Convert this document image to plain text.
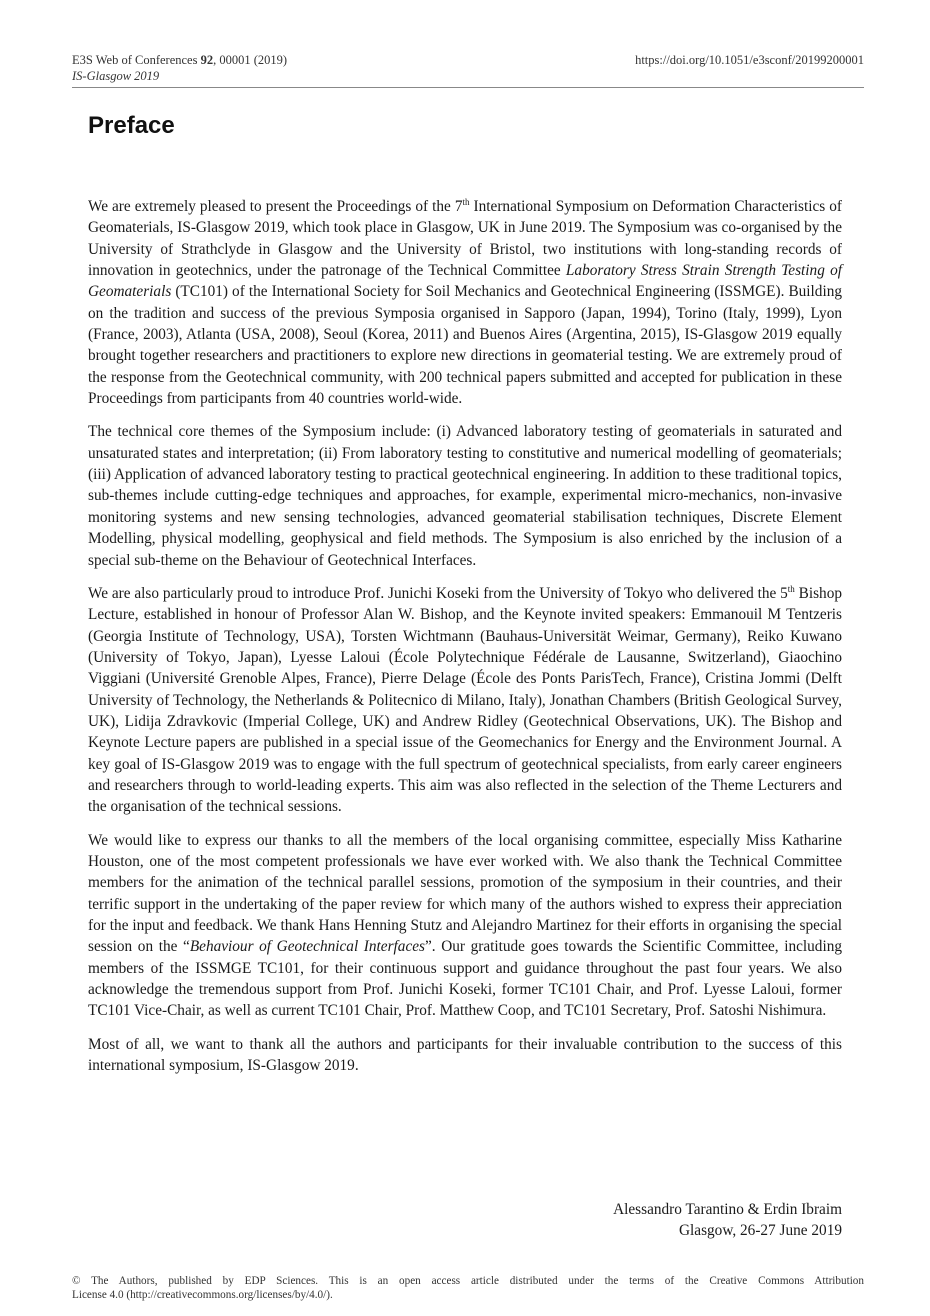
E3S Web of Conferences 92, 00001 (2019)
IS-Glasgow 2019
https://doi.org/10.1051/e3sconf/20199200001
Preface

We are extremely pleased to present the Proceedings of the 7th International Symposium on Deformation Characteristics of Geomaterials, IS-Glasgow 2019, which took place in Glasgow, UK in June 2019. The Symposium was co-organised by the University of Strathclyde in Glasgow and the University of Bristol, two institutions with long-standing records of innovation in geotechnics, under the patronage of the Technical Committee Laboratory Stress Strain Strength Testing of Geomaterials (TC101) of the International Society for Soil Mechanics and Geotechnical Engineering (ISSMGE). Building on the tradition and success of the previous Symposia organised in Sapporo (Japan, 1994), Torino (Italy, 1999), Lyon (France, 2003), Atlanta (USA, 2008), Seoul (Korea, 2011) and Buenos Aires (Argentina, 2015), IS-Glasgow 2019 equally brought together researchers and practitioners to explore new directions in geomaterial testing. We are extremely proud of the response from the Geotechnical community, with 200 technical papers submitted and accepted for publication in these Proceedings from participants from 40 countries world-wide.

The technical core themes of the Symposium include: (i) Advanced laboratory testing of geomaterials in saturated and unsaturated states and interpretation; (ii) From laboratory testing to constitutive and numerical modelling of geomaterials; (iii) Application of advanced laboratory testing to practical geotechnical engineering. In addition to these traditional topics, sub-themes include cutting-edge techniques and approaches, for example, experimental micro-mechanics, non-invasive monitoring systems and new sensing technologies, advanced geomaterial stabilisation techniques, Discrete Element Modelling, physical modelling, geophysical and field methods. The Symposium is also enriched by the inclusion of a special sub-theme on the Behaviour of Geotechnical Interfaces.

We are also particularly proud to introduce Prof. Junichi Koseki from the University of Tokyo who delivered the 5th Bishop Lecture, established in honour of Professor Alan W. Bishop, and the Keynote invited speakers: Emmanouil M Tentzeris (Georgia Institute of Technology, USA), Torsten Wichtmann (Bauhaus-Universität Weimar, Germany), Reiko Kuwano (University of Tokyo, Japan), Lyesse Laloui (École Polytechnique Fédérale de Lausanne, Switzerland), Giaochino Viggiani (Université Grenoble Alpes, France), Pierre Delage (École des Ponts ParisTech, France), Cristina Jommi (Delft University of Technology, the Netherlands & Politecnico di Milano, Italy), Jonathan Chambers (British Geological Survey, UK), Lidija Zdravkovic (Imperial College, UK) and Andrew Ridley (Geotechnical Observations, UK). The Bishop and Keynote Lecture papers are published in a special issue of the Geomechanics for Energy and the Environment Journal. A key goal of IS-Glasgow 2019 was to engage with the full spectrum of geotechnical specialists, from early career engineers and researchers through to world-leading experts. This aim was also reflected in the selection of the Theme Lecturers and the organisation of the technical sessions.

We would like to express our thanks to all the members of the local organising committee, especially Miss Katharine Houston, one of the most competent professionals we have ever worked with. We also thank the Technical Committee members for the animation of the technical parallel sessions, promotion of the symposium in their countries, and their terrific support in the undertaking of the paper review for which many of the authors wished to express their appreciation for the input and feedback. We thank Hans Henning Stutz and Alejandro Martinez for their efforts in organising the special session on the “Behaviour of Geotechnical Interfaces”. Our gratitude goes towards the Scientific Committee, including members of the ISSMGE TC101, for their continuous support and guidance throughout the past four years. We also acknowledge the tremendous support from Prof. Junichi Koseki, former TC101 Chair, and Prof. Lyesse Laloui, former TC101 Vice-Chair, as well as current TC101 Chair, Prof. Matthew Coop, and TC101 Secretary, Prof. Satoshi Nishimura.

Most of all, we want to thank all the authors and participants for their invaluable contribution to the success of this international symposium, IS-Glasgow 2019.

Alessandro Tarantino & Erdin Ibraim
Glasgow, 26-27 June 2019
© The Authors, published by EDP Sciences. This is an open access article distributed under the terms of the Creative Commons Attribution
License 4.0 (http://creativecommons.org/licenses/by/4.0/).
